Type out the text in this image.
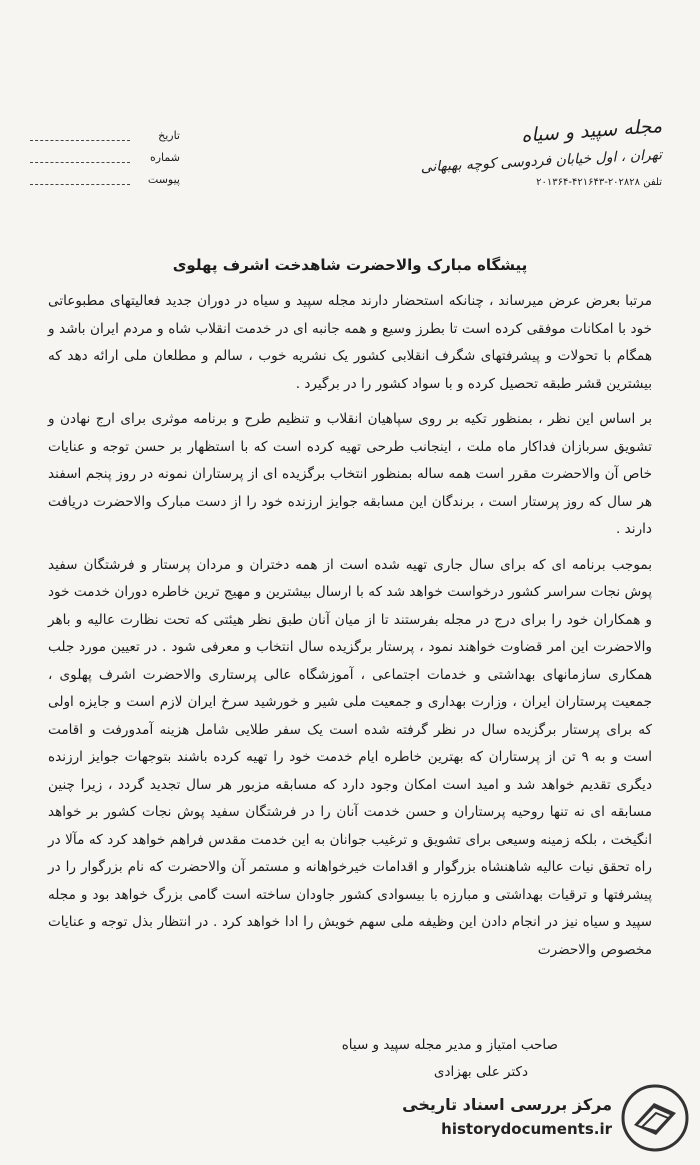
تاریخ
شماره
پیوست
مجله سپید و سیاه
تهران ، اول خیابان فردوسی کوچه بهبهانی
تلفن ۲۰۲۸۲۸-۴۲۱۶۴۳-۲۰۱۳۶۴
پیشگاه مبارک والاحضرت شاهدخت اشرف پهلوی

مرتبا بعرض عرض میرساند ، چنانکه استحضار دارند مجله سپید و سیاه در دوران جدید فعالیتهای مطبوعاتی خود با امکانات موفقی کرده است تا بطرز وسیع و همه جانبه ای در خدمت انقلاب شاه و مردم ایران باشد و همگام با تحولات و پیشرفتهای شگرف انقلابی کشور یک نشریه خوب ، سالم و مطلعان ملی ارائه دهد که بیشترین قشر طبقه تحصیل کرده و با سواد کشور را در برگیرد .

بر اساس این نظر ، بمنظور تکیه بر روی سپاهیان انقلاب و تنظیم طرح و برنامه موثری برای ارج نهادن و تشویق سربازان فداکار ماه ملت ، اینجانب طرحی تهیه کرده است که با استظهار بر حسن توجه و عنایات خاص آن والاحضرت مقرر است همه ساله بمنظور انتخاب برگزیده ای از پرستاران نمونه در روز پنجم اسفند هر سال که روز پرستار است ، برندگان این مسابقه جوایز ارزنده خود را از دست مبارک والاحضرت دریافت دارند .

بموجب برنامه ای که برای سال جاری تهیه شده است از همه دختران و مردان پرستار و فرشتگان سفید پوش نجات سراسر کشور درخواست خواهد شد که با ارسال بیشترین و مهیج ترین خاطره دوران خدمت خود و همکاران خود را برای درج در مجله بفرستند تا از میان آنان طبق نظر هیئتی که تحت نظارت عالیه و باهر والاحضرت این امر قضاوت خواهند نمود ، پرستار برگزیده سال انتخاب و معرفی شود . در تعیین مورد جلب همکاری سازمانهای بهداشتی و خدمات اجتماعی ، آموزشگاه عالی پرستاری والاحضرت اشرف پهلوی ، جمعیت پرستاران ایران ، وزارت بهداری و جمعیت ملی شیر و خورشید سرخ ایران لازم است و جایزه اولی که برای پرستار برگزیده سال در نظر گرفته شده است یک سفر طلایی شامل هزینه آمدورفت و اقامت است و به ۹ تن از پرستاران که بهترین خاطره ایام خدمت خود را تهیه کرده باشند بتوجهات جوایز ارزنده دیگری تقدیم خواهد شد و امید است امکان وجود دارد که مسابقه مزبور هر سال تجدید گردد ، زیرا چنین مسابقه ای نه تنها روحیه پرستاران و حسن خدمت آنان را در فرشتگان سفید پوش نجات کشور بر خواهد انگیخت ، بلکه زمینه وسیعی برای تشویق و ترغیب جوانان به این خدمت مقدس فراهم خواهد کرد که مآلا در راه تحقق نیات عالیه شاهنشاه بزرگوار و اقدامات خیرخواهانه و مستمر آن والاحضرت که نام بزرگوار را در پیشرفتها و ترقیات بهداشتی و مبارزه با بیسوادی کشور جاودان ساخته است گامی بزرگ خواهد بود و مجله سپید و سیاه نیز در انجام دادن این وظیفه ملی سهم خویش را ادا خواهد کرد . در انتظار بذل توجه و عنایات مخصوص والاحضرت

صاحب امتیاز و مدیر مجله سپید و سیاه
دکتر علی بهزادی
مرکز بررسی اسناد تاریخی
historydocuments.ir
